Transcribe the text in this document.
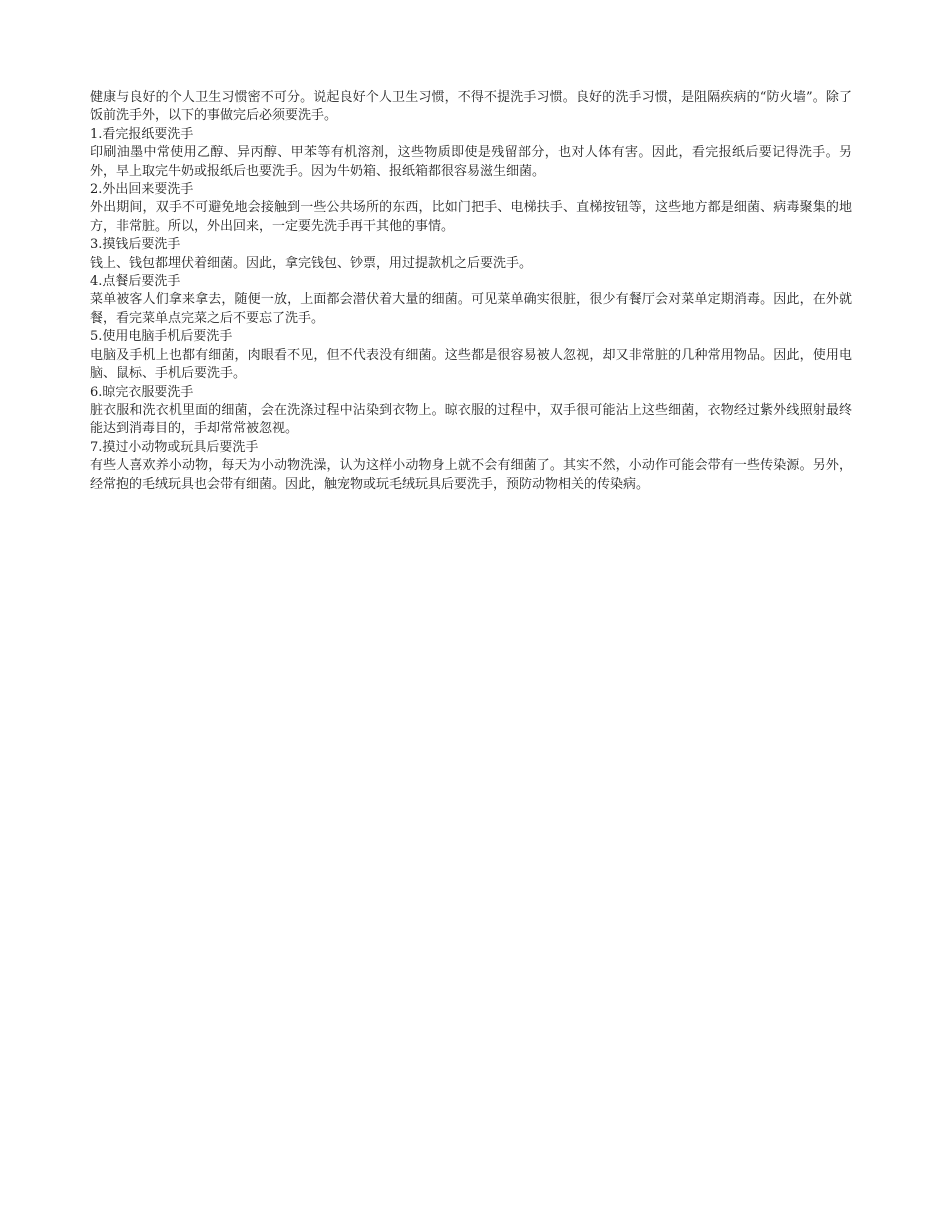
健康与良好的个人卫生习惯密不可分。说起良好个人卫生习惯，不得不提洗手习惯。良好的洗手习惯，是阻隔疾病的“防火墙”。除了饭前洗手外，以下的事做完后必须要洗手。

1.看完报纸要洗手

印刷油墨中常使用乙醇、异丙醇、甲苯等有机溶剂，这些物质即使是残留部分，也对人体有害。因此，看完报纸后要记得洗手。另外，早上取完牛奶或报纸后也要洗手。因为牛奶箱、报纸箱都很容易滋生细菌。

2.外出回来要洗手

外出期间，双手不可避免地会接触到一些公共场所的东西，比如门把手、电梯扶手、直梯按钮等，这些地方都是细菌、病毒聚集的地方，非常脏。所以，外出回来，一定要先洗手再干其他的事情。

3.摸钱后要洗手

钱上、钱包都埋伏着细菌。因此，拿完钱包、钞票，用过提款机之后要洗手。

4.点餐后要洗手

菜单被客人们拿来拿去，随便一放，上面都会潜伏着大量的细菌。可见菜单确实很脏，很少有餐厅会对菜单定期消毒。因此，在外就餐，看完菜单点完菜之后不要忘了洗手。

5.使用电脑手机后要洗手

电脑及手机上也都有细菌，肉眼看不见，但不代表没有细菌。这些都是很容易被人忽视，却又非常脏的几种常用物品。因此，使用电脑、鼠标、手机后要洗手。

6.晾完衣服要洗手

脏衣服和洗衣机里面的细菌，会在洗涤过程中沾染到衣物上。晾衣服的过程中，双手很可能沾上这些细菌，衣物经过紫外线照射最终能达到消毒目的，手却常常被忽视。

7.摸过小动物或玩具后要洗手

有些人喜欢养小动物，每天为小动物洗澡，认为这样小动物身上就不会有细菌了。其实不然，小动作可能会带有一些传染源。另外，经常抱的毛绒玩具也会带有细菌。因此，触宠物或玩毛绒玩具后要洗手，预防动物相关的传染病。
